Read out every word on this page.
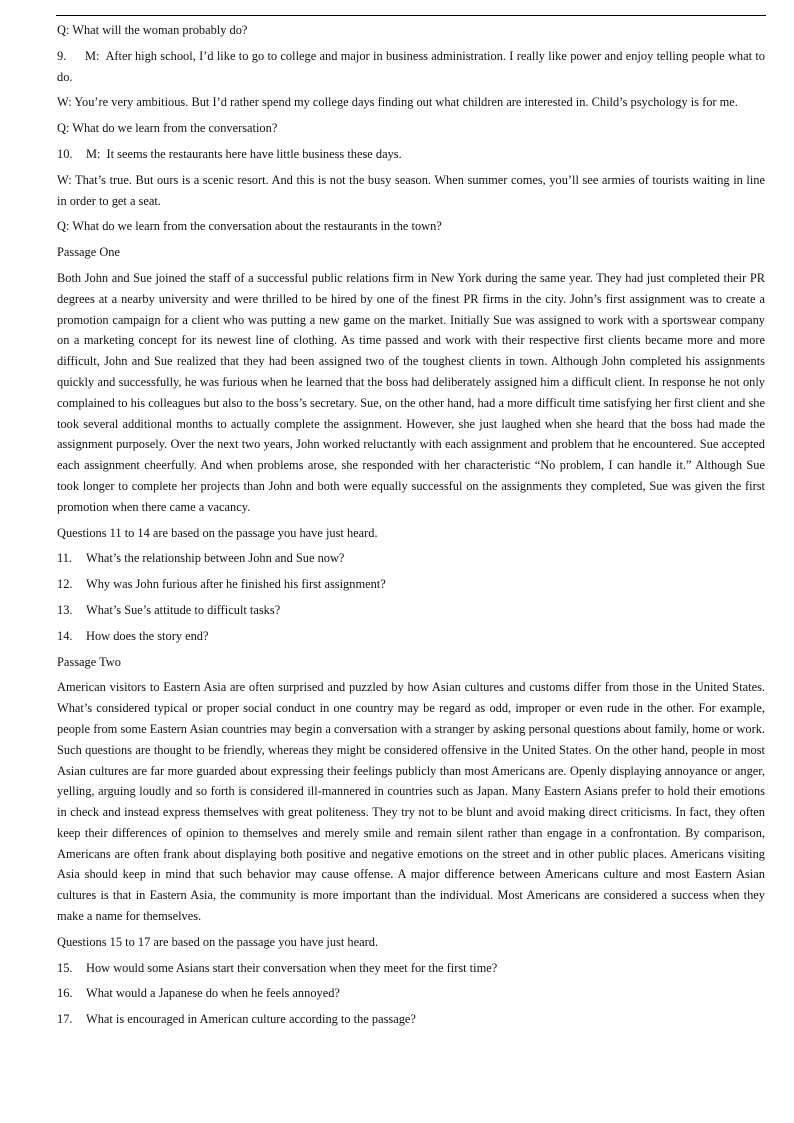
Q: What will the woman probably do?

9. M: After high school, I’d like to go to college and major in business administration. I really like power and enjoy telling people what to do.

W: You’re very ambitious. But I’d rather spend my college days finding out what children are interested in. Child’s psychology is for me.

Q: What do we learn from the conversation?

10. M: It seems the restaurants here have little business these days.

W: That’s true. But ours is a scenic resort. And this is not the busy season. When summer comes, you’ll see armies of tourists waiting in line in order to get a seat.

Q: What do we learn from the conversation about the restaurants in the town?

Passage One

Both John and Sue joined the staff of a successful public relations firm in New York during the same year. They had just completed their PR degrees at a nearby university and were thrilled to be hired by one of the finest PR firms in the city. John’s first assignment was to create a promotion campaign for a client who was putting a new game on the market. Initially Sue was assigned to work with a sportswear company on a marketing concept for its newest line of clothing. As time passed and work with their respective first clients became more and more difficult, John and Sue realized that they had been assigned two of the toughest clients in town. Although John completed his assignments quickly and successfully, he was furious when he learned that the boss had deliberately assigned him a difficult client. In response he not only complained to his colleagues but also to the boss’s secretary. Sue, on the other hand, had a more difficult time satisfying her first client and she took several additional months to actually complete the assignment. However, she just laughed when she heard that the boss had made the assignment purposely. Over the next two years, John worked reluctantly with each assignment and problem that he encountered. Sue accepted each assignment cheerfully. And when problems arose, she responded with her characteristic “No problem, I can handle it.” Although Sue took longer to complete her projects than John and both were equally successful on the assignments they completed, Sue was given the first promotion when there came a vacancy.

Questions 11 to 14 are based on the passage you have just heard.

11. What’s the relationship between John and Sue now?

12. Why was John furious after he finished his first assignment?

13. What’s Sue’s attitude to difficult tasks?

14. How does the story end?

Passage Two

American visitors to Eastern Asia are often surprised and puzzled by how Asian cultures and customs differ from those in the United States. What’s considered typical or proper social conduct in one country may be regard as odd, improper or even rude in the other. For example, people from some Eastern Asian countries may begin a conversation with a stranger by asking personal questions about family, home or work. Such questions are thought to be friendly, whereas they might be considered offensive in the United States. On the other hand, people in most Asian cultures are far more guarded about expressing their feelings publicly than most Americans are. Openly displaying annoyance or anger, yelling, arguing loudly and so forth is considered ill-mannered in countries such as Japan. Many Eastern Asians prefer to hold their emotions in check and instead express themselves with great politeness. They try not to be blunt and avoid making direct criticisms. In fact, they often keep their differences of opinion to themselves and merely smile and remain silent rather than engage in a confrontation. By comparison, Americans are often frank about displaying both positive and negative emotions on the street and in other public places. Americans visiting Asia should keep in mind that such behavior may cause offense. A major difference between Americans culture and most Eastern Asian cultures is that in Eastern Asia, the community is more important than the individual. Most Americans are considered a success when they make a name for themselves.

Questions 15 to 17 are based on the passage you have just heard.

15. How would some Asians start their conversation when they meet for the first time?

16. What would a Japanese do when he feels annoyed?

17. What is encouraged in American culture according to the passage?
